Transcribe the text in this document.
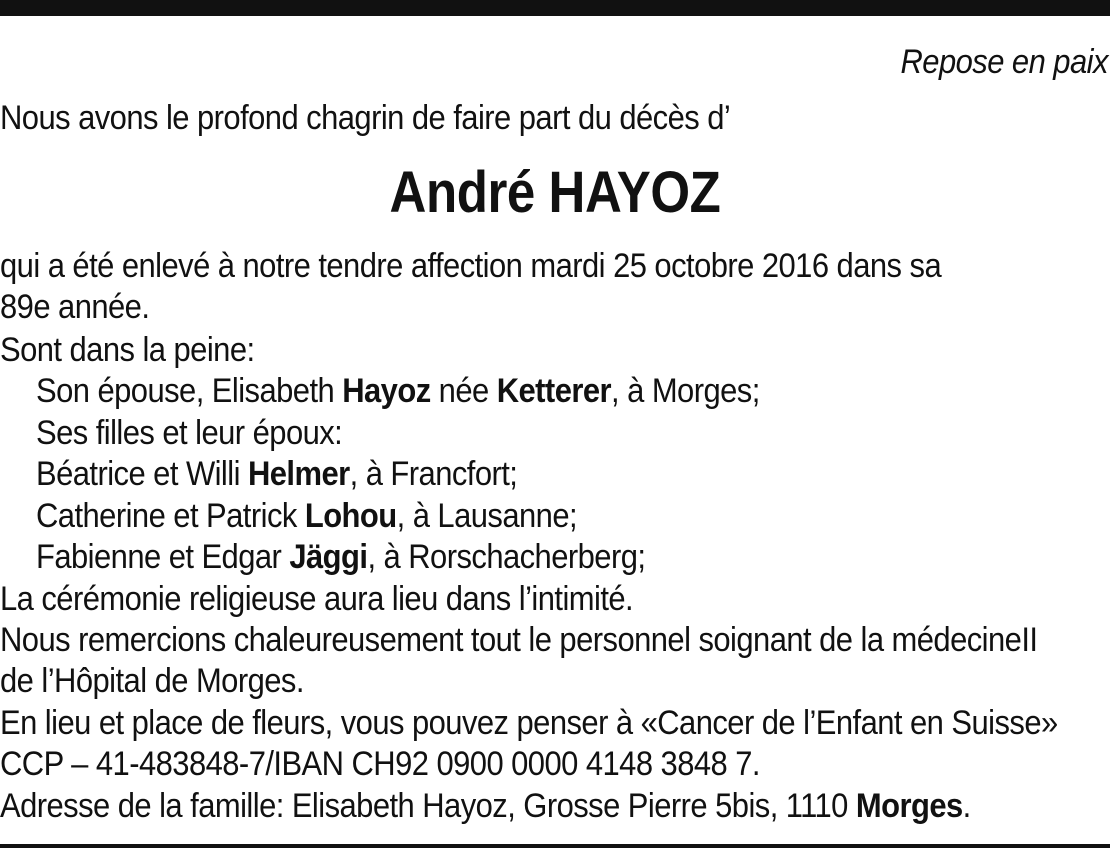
Repose en paix
Nous avons le profond chagrin de faire part du décès d’
André HAYOZ
qui a été enlevé à notre tendre affection mardi 25 octobre 2016 dans sa
89e année.
Sont dans la peine:
Son épouse, Elisabeth Hayoz née Ketterer, à Morges;
Ses filles et leur époux:
Béatrice et Willi Helmer, à Francfort;
Catherine et Patrick Lohou, à Lausanne;
Fabienne et Edgar Jäggi, à Rorschacherberg;
La cérémonie religieuse aura lieu dans l’intimité.
Nous remercions chaleureusement tout le personnel soignant de la médecineII
de l’Hôpital de Morges.
En lieu et place de fleurs, vous pouvez penser à «Cancer de l’Enfant en Suisse»
CCP – 41-483848-7/IBAN CH92 0900 0000 4148 3848 7.
Adresse de la famille: Elisabeth Hayoz, Grosse Pierre 5bis, 1110 Morges.
